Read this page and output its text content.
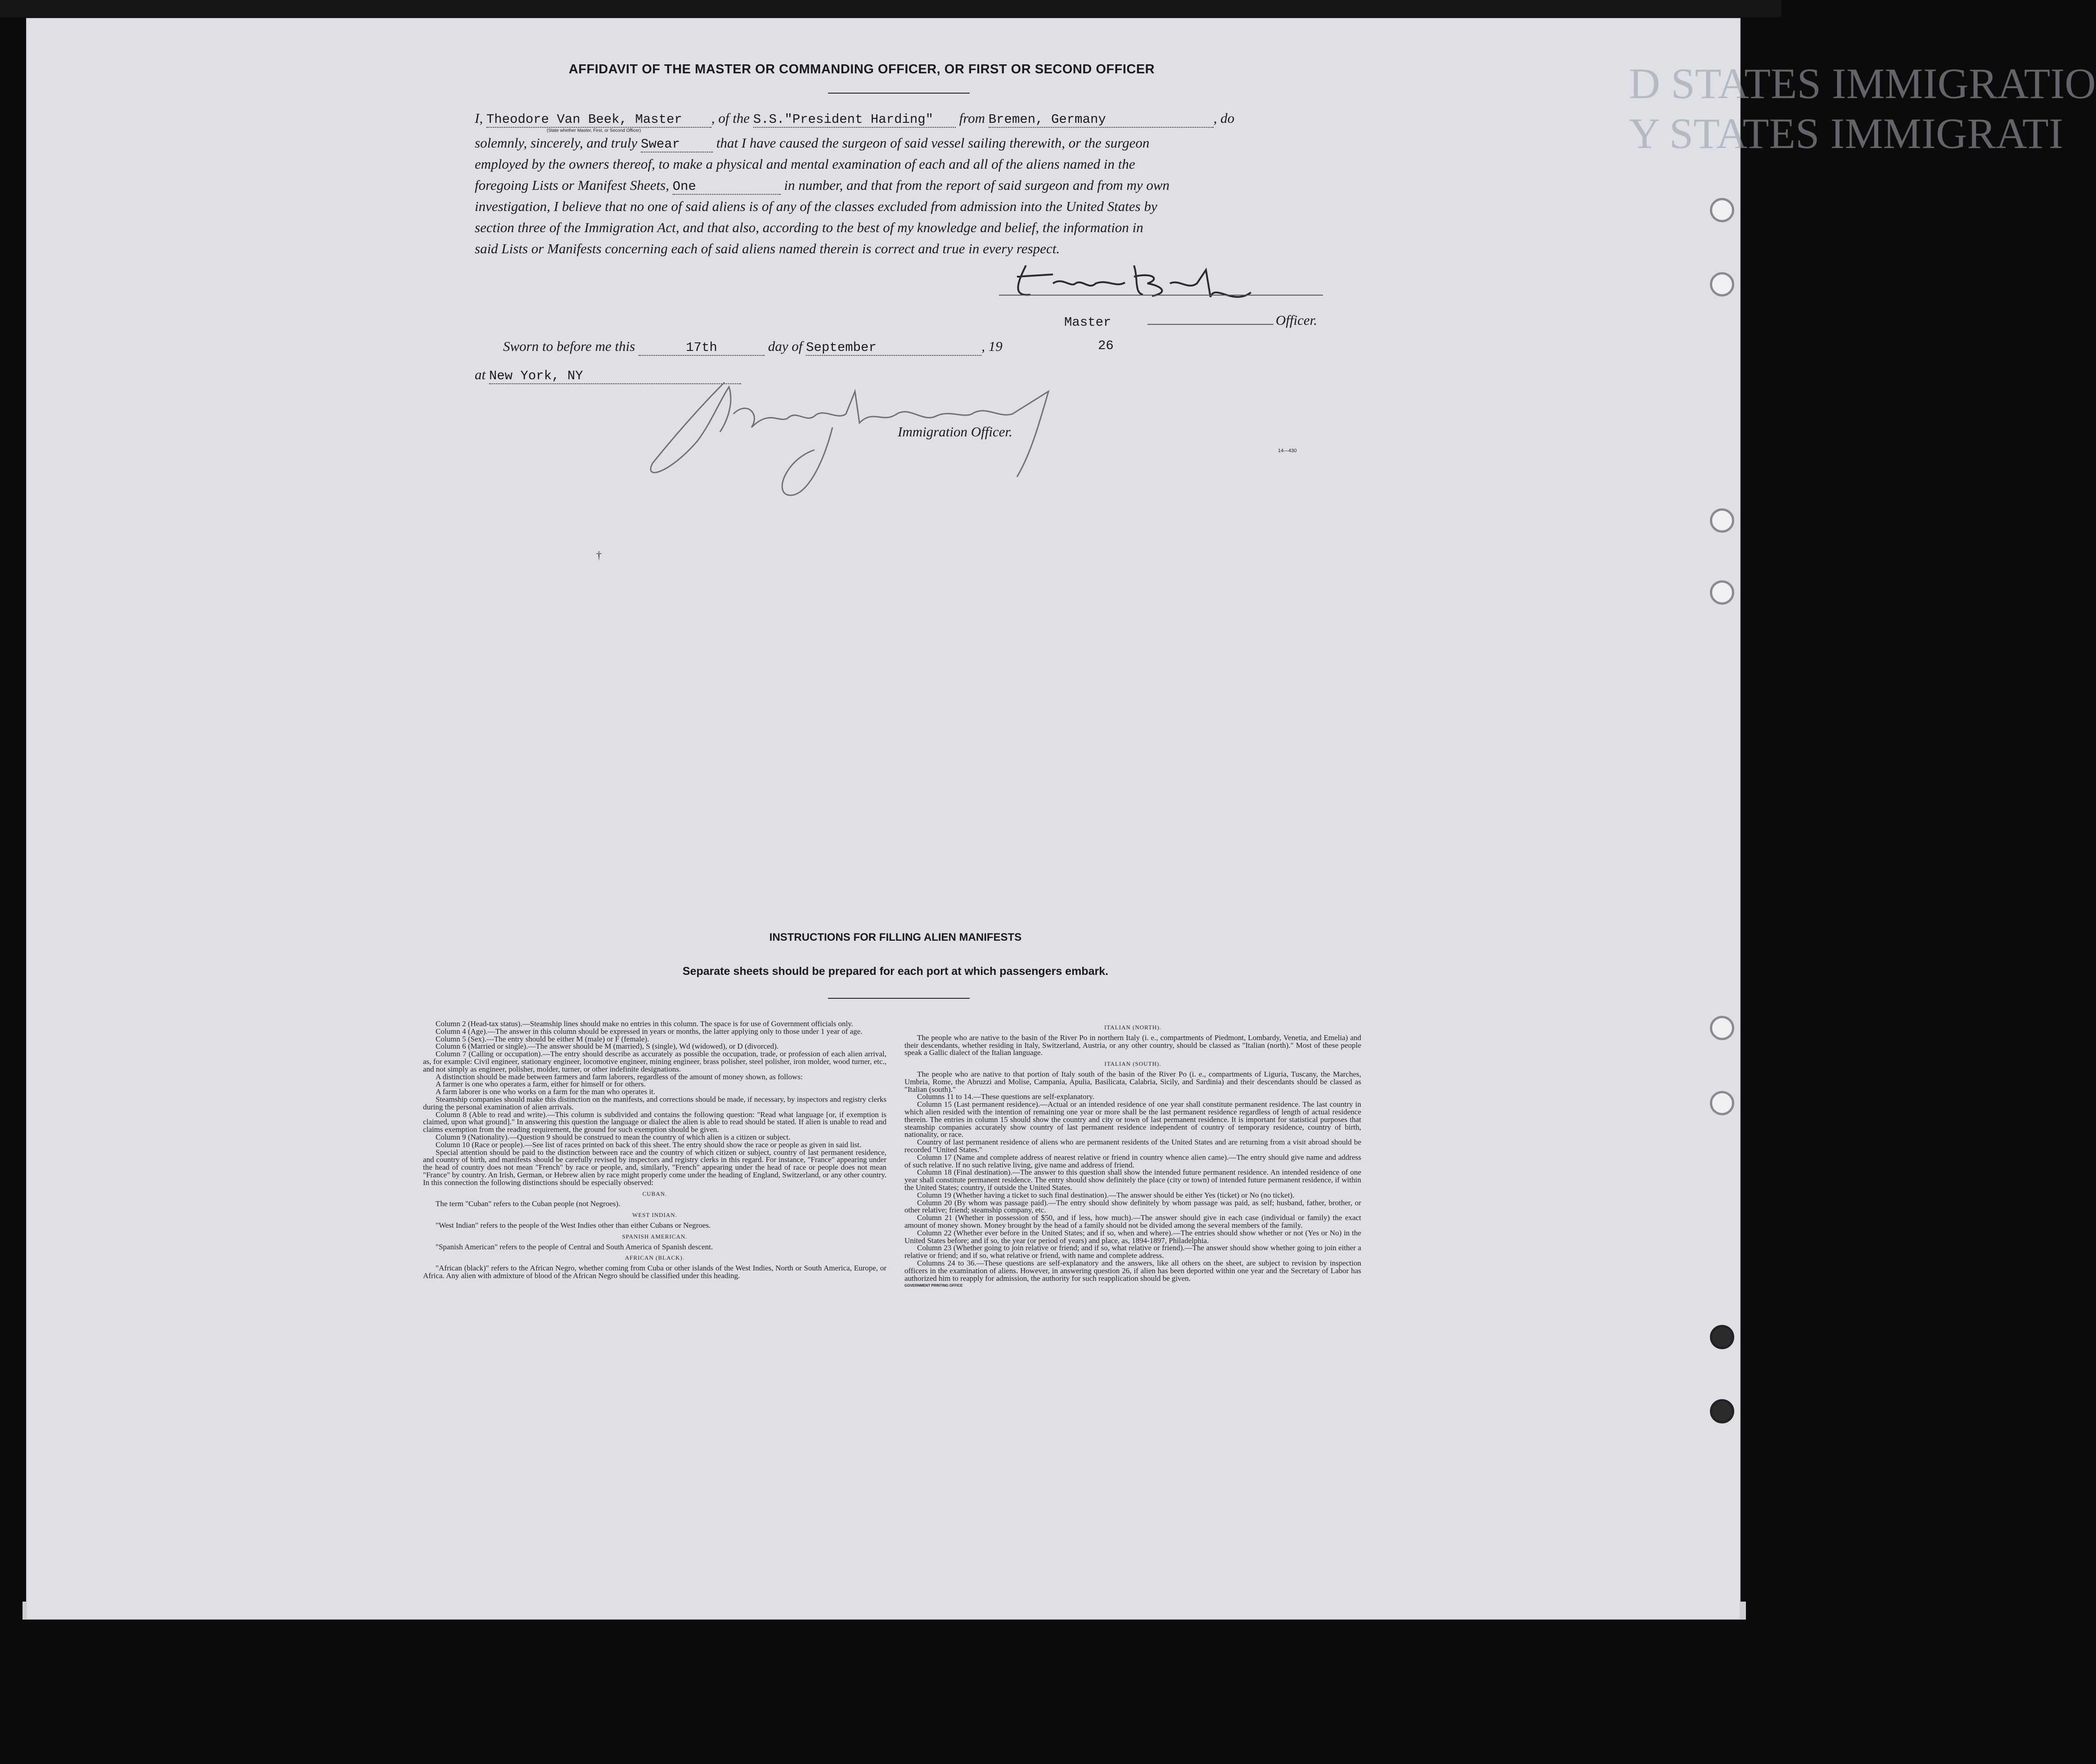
D STATES IMMIGRATIO
Y STATES IMMIGRATI
AFFIDAVIT OF THE MASTER OR COMMANDING OFFICER, OR FIRST OR SECOND OFFICER
I, Theodore Van Beek, Master , of the S.S."President Harding" from Bremen, Germany	, do
(State whether Master, First, or Second Officer)
solemnly, sincerely, and truly Swear	that I have caused the surgeon of said vessel sailing therewith, or the surgeon
employed by the owners thereof, to make a physical and mental examination of each and all of the aliens named in the
foregoing Lists or Manifest Sheets, One	in number, and that from the report of said surgeon and from my own
investigation, I believe that no one of said aliens is of any of the classes excluded from admission into the United States by
section three of the Immigration Act, and that also, according to the best of my knowledge and belief, the information in
said Lists or Manifests concerning each of said aliens named therein is correct and true in every respect.
Master	Officer.
Sworn to before me this	17th	day of September	, 19	26
at New York, NY
Immigration Officer.
14—430
†
INSTRUCTIONS FOR FILLING ALIEN MANIFESTS
Separate sheets should be prepared for each port at which passengers embark.

Column 2 (Head-tax status).—Steamship lines should make no entries in this column. The space is for use of Government officials only.

Column 4 (Age).—The answer in this column should be expressed in years or months, the latter applying only to those under 1 year of age.

Column 5 (Sex).—The entry should be either M (male) or F (female).

Column 6 (Married or single).—The answer should be M (married), S (single), Wd (widowed), or D (divorced).

Column 7 (Calling or occupation).—The entry should describe as accurately as possible the occupation, trade, or profession of each alien arrival, as, for example: Civil engineer, stationary engineer, locomotive engineer, mining engineer, brass polisher, steel polisher, iron molder, wood turner, etc., and not simply as engineer, polisher, molder, turner, or other indefinite designations.

A distinction should be made between farmers and farm laborers, regardless of the amount of money shown, as follows:

A farmer is one who operates a farm, either for himself or for others.

A farm laborer is one who works on a farm for the man who operates it.

Steamship companies should make this distinction on the manifests, and corrections should be made, if necessary, by inspectors and registry clerks during the personal examination of alien arrivals.

Column 8 (Able to read and write).—This column is subdivided and contains the following question: "Read what language [or, if exemption is claimed, upon what ground]." In answering this question the language or dialect the alien is able to read should be stated. If alien is unable to read and claims exemption from the reading requirement, the ground for such exemption should be given.

Column 9 (Nationality).—Question 9 should be construed to mean the country of which alien is a citizen or subject.

Column 10 (Race or people).—See list of races printed on back of this sheet. The entry should show the race or people as given in said list.

Special attention should be paid to the distinction between race and the country of which citizen or subject, country of last permanent residence, and country of birth, and manifests should be carefully revised by inspectors and registry clerks in this regard. For instance, "France" appearing under the head of country does not mean "French" by race or people, and, similarly, "French" appearing under the head of race or people does not mean "France" by country. An Irish, German, or Hebrew alien by race might properly come under the heading of England, Switzerland, or any other country. In this connection the following distinctions should be especially observed:

CUBAN.

The term "Cuban" refers to the Cuban people (not Negroes).

WEST INDIAN.

"West Indian" refers to the people of the West Indies other than either Cubans or Negroes.

SPANISH AMERICAN.

"Spanish American" refers to the people of Central and South America of Spanish descent.

AFRICAN (BLACK).

"African (black)" refers to the African Negro, whether coming from Cuba or other islands of the West Indies, North or South America, Europe, or Africa. Any alien with admixture of blood of the African Negro should be classified under this heading.

ITALIAN (NORTH).

The people who are native to the basin of the River Po in northern Italy (i. e., compartments of Piedmont, Lombardy, Venetia, and Emelia) and their descendants, whether residing in Italy, Switzerland, Austria, or any other country, should be classed as "Italian (north)." Most of these people speak a Gallic dialect of the Italian language.

ITALIAN (SOUTH).

The people who are native to that portion of Italy south of the basin of the River Po (i. e., compartments of Liguria, Tuscany, the Marches, Umbria, Rome, the Abruzzi and Molise, Campania, Apulia, Basilicata, Calabria, Sicily, and Sardinia) and their descendants should be classed as "Italian (south)."

Columns 11 to 14.—These questions are self-explanatory.

Column 15 (Last permanent residence).—Actual or an intended residence of one year shall constitute permanent residence. The last country in which alien resided with the intention of remaining one year or more shall be the last permanent residence regardless of length of actual residence therein. The entries in column 15 should show the country and city or town of last permanent residence. It is important for statistical purposes that steamship companies accurately show country of last permanent residence independent of country of temporary residence, country of birth, nationality, or race.

Country of last permanent residence of aliens who are permanent residents of the United States and are returning from a visit abroad should be recorded "United States."

Column 17 (Name and complete address of nearest relative or friend in country whence alien came).—The entry should give name and address of such relative. If no such relative living, give name and address of friend.

Column 18 (Final destination).—The answer to this question shall show the intended future permanent residence. An intended residence of one year shall constitute permanent residence. The entry should show definitely the place (city or town) of intended future permanent residence, if within the United States; country, if outside the United States.

Column 19 (Whether having a ticket to such final destination).—The answer should be either Yes (ticket) or No (no ticket).

Column 20 (By whom was passage paid).—The entry should show definitely by whom passage was paid, as self; husband, father, brother, or other relative; friend; steamship company, etc.

Column 21 (Whether in possession of $50, and if less, how much).—The answer should give in each case (individual or family) the exact amount of money shown. Money brought by the head of a family should not be divided among the several members of the family.

Column 22 (Whether ever before in the United States; and if so, when and where).—The entries should show whether or not (Yes or No) in the United States before; and if so, the year (or period of years) and place, as, 1894-1897, Philadelphia.

Column 23 (Whether going to join relative or friend; and if so, what relative or friend).—The answer should show whether going to join either a relative or friend; and if so, what relative or friend, with name and complete address.

Columns 24 to 36.—These questions are self-explanatory and the answers, like all others on the sheet, are subject to revision by inspection officers in the examination of aliens. However, in answering question 26, if alien has been deported within one year and the Secretary of Labor has authorized him to reapply for admission, the authority for such reapplication should be given.

GOVERNMENT PRINTING OFFICE
